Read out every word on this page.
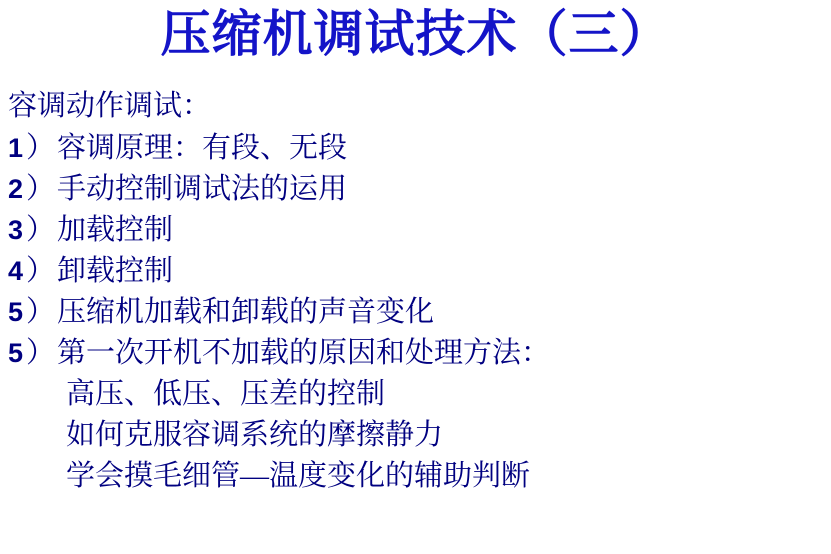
压缩机调试技术（三）
容调动作调试：
1 ） 容调原理：有段、无段
2 ） 手动控制调试法的运用
3 ） 加载控制
4 ） 卸载控制
5 ） 压缩机加载和卸载的声音变化
5 ） 第一次开机不加载的原因和处理方法：
高压、低压、压差的控制
如何克服容调系统的摩擦静力
学会摸毛细管—温度变化的辅助判断
